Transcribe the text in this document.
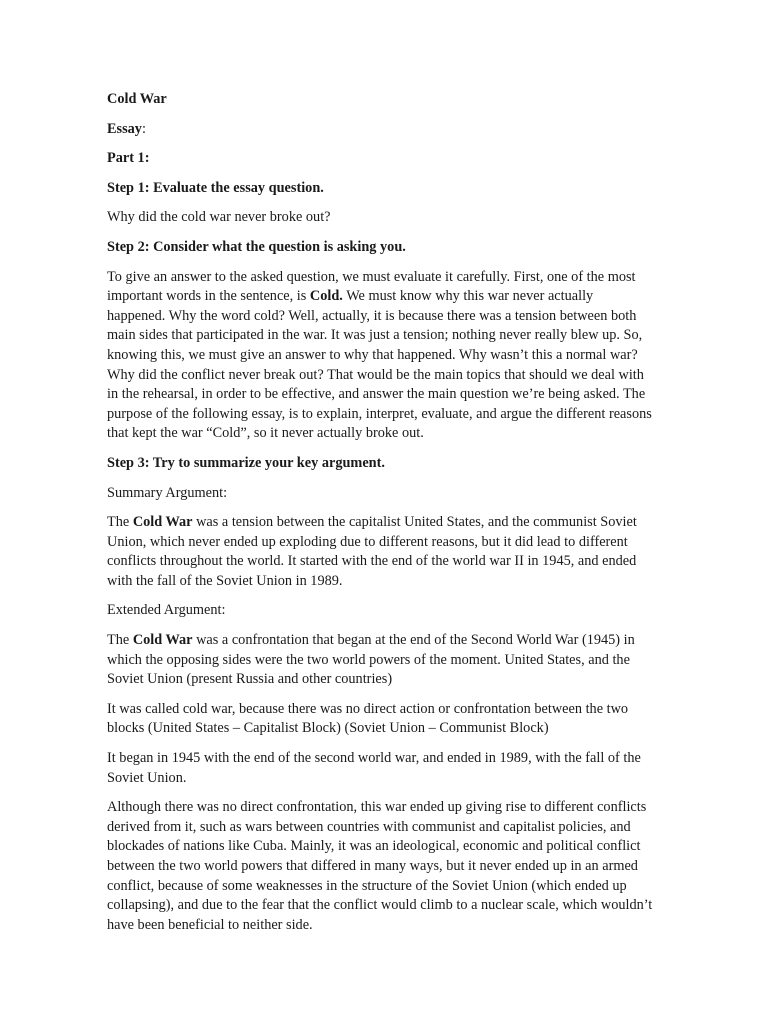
Cold War

Essay:

Part 1:

Step 1: Evaluate the essay question.

Why did the cold war never broke out?

Step 2: Consider what the question is asking you.

To give an answer to the asked question, we must evaluate it carefully. First, one of the most important words in the sentence, is Cold. We must know why this war never actually happened. Why the word cold? Well, actually, it is because there was a tension between both main sides that participated in the war. It was just a tension; nothing never really blew up. So, knowing this, we must give an answer to why that happened. Why wasn’t this a normal war? Why did the conflict never break out? That would be the main topics that should we deal with in the rehearsal, in order to be effective, and answer the main question we’re being asked. The purpose of the following essay, is to explain, interpret, evaluate, and argue the different reasons that kept the war “Cold”, so it never actually broke out.

Step 3: Try to summarize your key argument.

Summary Argument:

The Cold War was a tension between the capitalist United States, and the communist Soviet Union, which never ended up exploding due to different reasons, but it did lead to different conflicts throughout the world. It started with the end of the world war II in 1945, and ended with the fall of the Soviet Union in 1989.

Extended Argument:

The Cold War was a confrontation that began at the end of the Second World War (1945) in which the opposing sides were the two world powers of the moment. United States, and the Soviet Union (present Russia and other countries)

It was called cold war, because there was no direct action or confrontation between the two blocks (United States – Capitalist Block) (Soviet Union – Communist Block)

It began in 1945 with the end of the second world war, and ended in 1989, with the fall of the Soviet Union.

Although there was no direct confrontation, this war ended up giving rise to different conflicts derived from it, such as wars between countries with communist and capitalist policies, and blockades of nations like Cuba. Mainly, it was an ideological, economic and political conflict between the two world powers that differed in many ways, but it never ended up in an armed conflict, because of some weaknesses in the structure of the Soviet Union (which ended up collapsing), and due to the fear that the conflict would climb to a nuclear scale, which wouldn’t have been beneficial to neither side.
